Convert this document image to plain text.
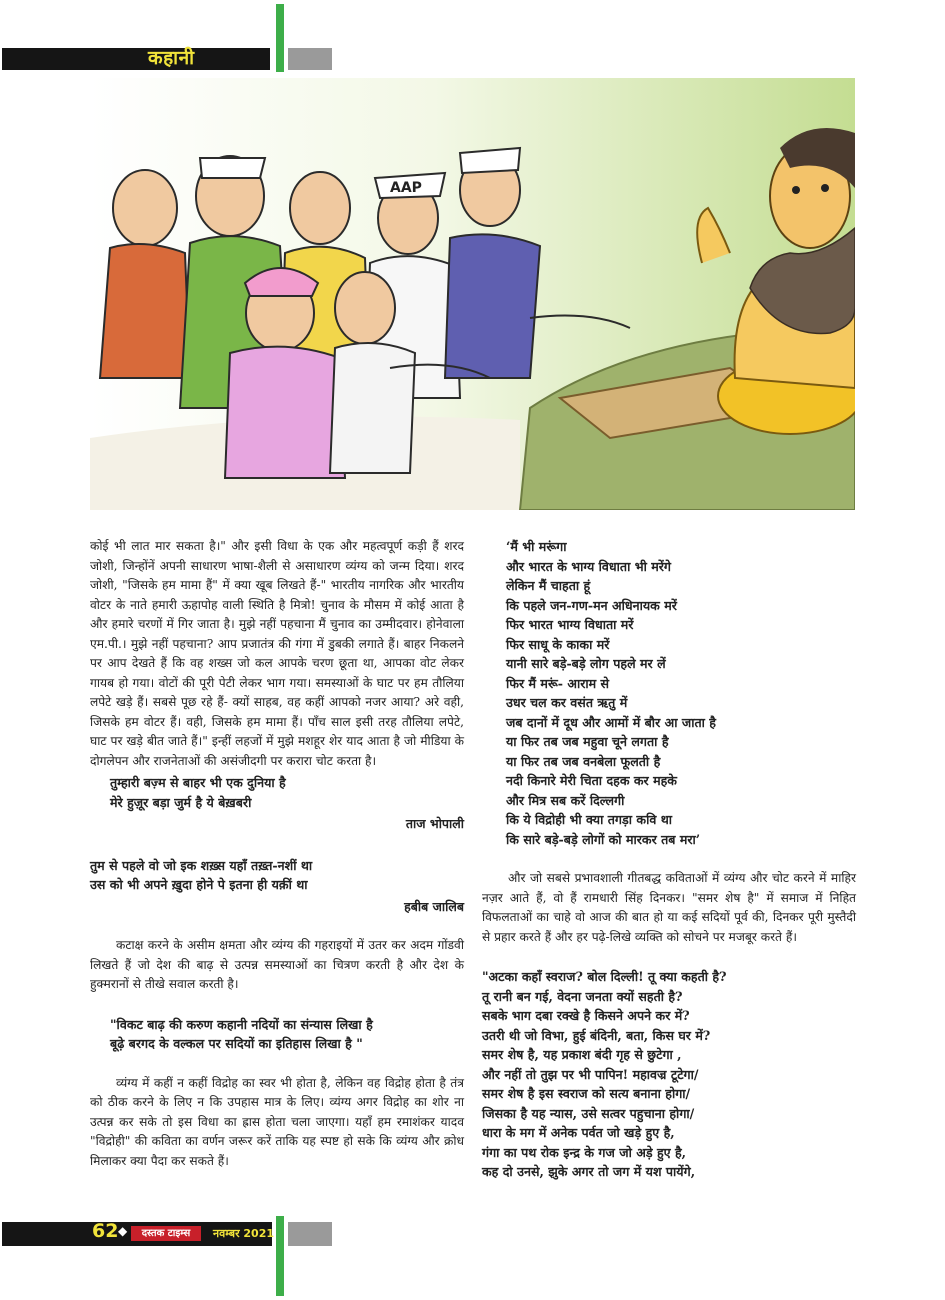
कहानी
AAP

कोई भी लात मार सकता है।" और इसी विधा के एक और महत्वपूर्ण कड़ी हैं शरद जोशी, जिन्होंनें अपनी साधारण भाषा-शैली से असाधारण व्यंग्य को जन्म दिया। शरद जोशी, "जिसके हम मामा हैं" में क्या खूब लिखते हैं-" भारतीय नागरिक और भारतीय वोटर के नाते हमारी ऊहापोह वाली स्थिति है मित्रो! चुनाव के मौसम में कोई आता है और हमारे चरणों में गिर जाता है। मुझे नहीं पहचाना मैं चुनाव का उम्मीदवार। होनेवाला एम.पी.। मुझे नहीं पहचाना? आप प्रजातंत्र की गंगा में डुबकी लगाते हैं। बाहर निकलने पर आप देखते हैं कि वह शख्स जो कल आपके चरण छूता था, आपका वोट लेकर गायब हो गया। वोटों की पूरी पेटी लेकर भाग गया। समस्याओं के घाट पर हम तौलिया लपेटे खड़े हैं। सबसे पूछ रहे हैं- क्यों साहब, वह कहीं आपको नजर आया? अरे वही, जिसके हम वोटर हैं। वही, जिसके हम मामा हैं। पाँच साल इसी तरह तौलिया लपेटे, घाट पर खड़े बीत जाते हैं।" इन्हीं लहजों में मुझे मशहूर शेर याद आता है जो मीडिया के दोगलेपन और राजनेताओं की असंजीदगी पर करारा चोट करता है।

तुम्हारी बज़्म से बाहर भी एक दुनिया है
मेरे हुज़ूर बड़ा जुर्म है ये बेख़बरी
ताज भोपाली
तुम से पहले वो जो इक शख़्स यहाँ तख़्त-नशीं था
उस को भी अपने ख़ुदा होने पे इतना ही यक़ीं था
हबीब जालिब

कटाक्ष करने के असीम क्षमता और व्यंग्य की गहराइयों में उतर कर अदम गोंडवी लिखते हैं जो देश की बाढ़ से उत्पन्न समस्याओं का चित्रण करती है और देश के हुक्मरानों से तीखे सवाल करती है।

"विकट बाढ़ की करुण कहानी नदियों का संन्यास लिखा है
बूढ़े बरगद के वल्कल पर सदियों का इतिहास लिखा है "

व्यंग्य में कहीं न कहीं विद्रोह का स्वर भी होता है, लेकिन वह विद्रोह होता है तंत्र को ठीक करने के लिए न कि उपहास मात्र के लिए। व्यंग्य अगर विद्रोह का शोर ना उत्पन्न कर सके तो इस विधा का ह्रास होता चला जाएगा। यहाँ हम रमाशंकर यादव "विद्रोही" की कविता का वर्णन जरूर करें ताकि यह स्पष्ट हो सके कि व्यंग्य और क्रोध मिलाकर क्या पैदा कर सकते हैं।

‘मैं भी मरूंगा
और भारत के भाग्य विधाता भी मरेंगे
लेकिन मैं चाहता हूं
कि पहले जन-गण-मन अधिनायक मरें
फिर भारत भाग्य विधाता मरें
फिर साधू के काका मरें
यानी सारे बड़े-बड़े लोग पहले मर लें
फिर मैं मरूं- आराम से
उधर चल कर वसंत ऋतु में
जब दानों में दूध और आमों में बौर आ जाता है
या फिर तब जब महुवा चूने लगता है
या फिर तब जब वनबेला फूलती है
नदी किनारे मेरी चिता दहक कर महके
और मित्र सब करें दिल्लगी
कि ये विद्रोही भी क्या तगड़ा कवि था
कि सारे बड़े-बड़े लोगों को मारकर तब मरा’

और जो सबसे प्रभावशाली गीतबद्ध कविताओं में व्यंग्य और चोट करने में माहिर नज़र आते हैं, वो हैं रामधारी सिंह दिनकर। "समर शेष है" में समाज में निहित विफलताओं का चाहे वो आज की बात हो या कई सदियों पूर्व की, दिनकर पूरी मुस्तैदी से प्रहार करते हैं और हर पढ़े-लिखे व्यक्ति को सोचने पर मजबूर करते हैं।

"अटका कहाँ स्वराज? बोल दिल्ली! तू क्या कहती है?
तू रानी बन गई, वेदना जनता क्यों सहती है?
सबके भाग दबा रक्खे है किसने अपने कर में?
उतरी थी जो विभा, हुई बंदिनी, बता, किस घर में?
समर शेष है, यह प्रकाश बंदी गृह से छुटेगा ,
और नहीं तो तुझ पर भी पापिन! महावज्र टूटेगा/
समर शेष है इस स्वराज को सत्य बनाना होगा/
जिसका है यह न्यास, उसे सत्वर पहुचाना होगा/
धारा के मग में अनेक पर्वत जो खड़े हुए है,
गंगा का पथ रोक इन्द्र के गज जो अड़े हुए है,
कह दो उनसे, झुके अगर तो जग में यश पायेंगे,
62 ◆	दस्तक टाइम्स	नवम्बर 2021
